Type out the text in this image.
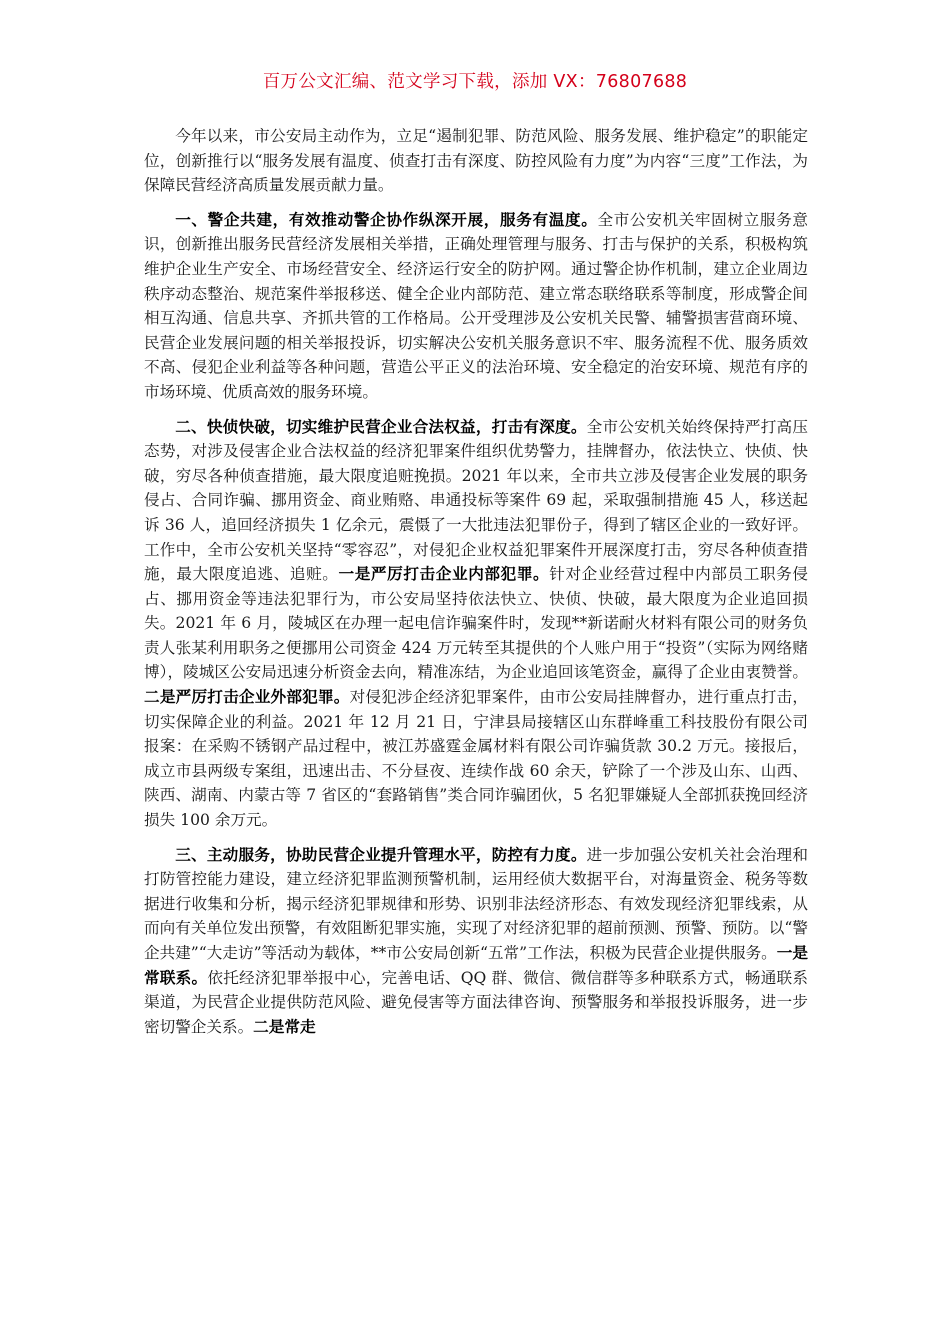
百万公文汇编、范文学习下载，添加 VX：76807688

今年以来，市公安局主动作为，立足“遏制犯罪、防范风险、服务发展、维护稳定”的职能定位，创新推行以“服务发展有温度、侦查打击有深度、防控风险有力度”为内容“三度”工作法，为保障民营经济高质量发展贡献力量。

一、警企共建，有效推动警企协作纵深开展，服务有温度。全市公安机关牢固树立服务意识，创新推出服务民营经济发展相关举措，正确处理管理与服务、打击与保护的关系，积极构筑维护企业生产安全、市场经营安全、经济运行安全的防护网。通过警企协作机制，建立企业周边秩序动态整治、规范案件举报移送、健全企业内部防范、建立常态联络联系等制度，形成警企间相互沟通、信息共享、齐抓共管的工作格局。公开受理涉及公安机关民警、辅警损害营商环境、民营企业发展问题的相关举报投诉，切实解决公安机关服务意识不牢、服务流程不优、服务质效不高、侵犯企业利益等各种问题，营造公平正义的法治环境、安全稳定的治安环境、规范有序的市场环境、优质高效的服务环境。

二、快侦快破，切实维护民营企业合法权益，打击有深度。全市公安机关始终保持严打高压态势，对涉及侵害企业合法权益的经济犯罪案件组织优势警力，挂牌督办，依法快立、快侦、快破，穷尽各种侦查措施，最大限度追赃挽损。2021 年以来，全市共立涉及侵害企业发展的职务侵占、合同诈骗、挪用资金、商业贿赂、串通投标等案件 69 起，采取强制措施 45 人，移送起诉 36 人，追回经济损失 1 亿余元，震慑了一大批违法犯罪份子，得到了辖区企业的一致好评。工作中，全市公安机关坚持“零容忍”，对侵犯企业权益犯罪案件开展深度打击，穷尽各种侦查措施，最大限度追逃、追赃。一是严厉打击企业内部犯罪。针对企业经营过程中内部员工职务侵占、挪用资金等违法犯罪行为，市公安局坚持依法快立、快侦、快破，最大限度为企业追回损失。2021 年 6 月，陵城区在办理一起电信诈骗案件时，发现**新诺耐火材料有限公司的财务负责人张某利用职务之便挪用公司资金 424 万元转至其提供的个人账户用于“投资”（实际为网络赌博），陵城区公安局迅速分析资金去向，精准冻结，为企业追回该笔资金，赢得了企业由衷赞誉。二是严厉打击企业外部犯罪。对侵犯涉企经济犯罪案件，由市公安局挂牌督办，进行重点打击，切实保障企业的利益。2021 年 12 月 21 日，宁津县局接辖区山东群峰重工科技股份有限公司报案：在采购不锈钢产品过程中，被江苏盛霆金属材料有限公司诈骗货款 30.2 万元。接报后，成立市县两级专案组，迅速出击、不分昼夜、连续作战 60 余天，铲除了一个涉及山东、山西、陕西、湖南、内蒙古等 7 省区的“套路销售”类合同诈骗团伙，5 名犯罪嫌疑人全部抓获挽回经济损失 100 余万元。

三、主动服务，协助民营企业提升管理水平，防控有力度。进一步加强公安机关社会治理和打防管控能力建设，建立经济犯罪监测预警机制，运用经侦大数据平台，对海量资金、税务等数据进行收集和分析，揭示经济犯罪规律和形势、识别非法经济形态、有效发现经济犯罪线索，从而向有关单位发出预警，有效阻断犯罪实施，实现了对经济犯罪的超前预测、预警、预防。以“警企共建”“大走访”等活动为载体，**市公安局创新“五常”工作法，积极为民营企业提供服务。一是常联系。依托经济犯罪举报中心，完善电话、QQ 群、微信、微信群等多种联系方式，畅通联系渠道，为民营企业提供防范风险、避免侵害等方面法律咨询、预警服务和举报投诉服务，进一步密切警企关系。二是常走
